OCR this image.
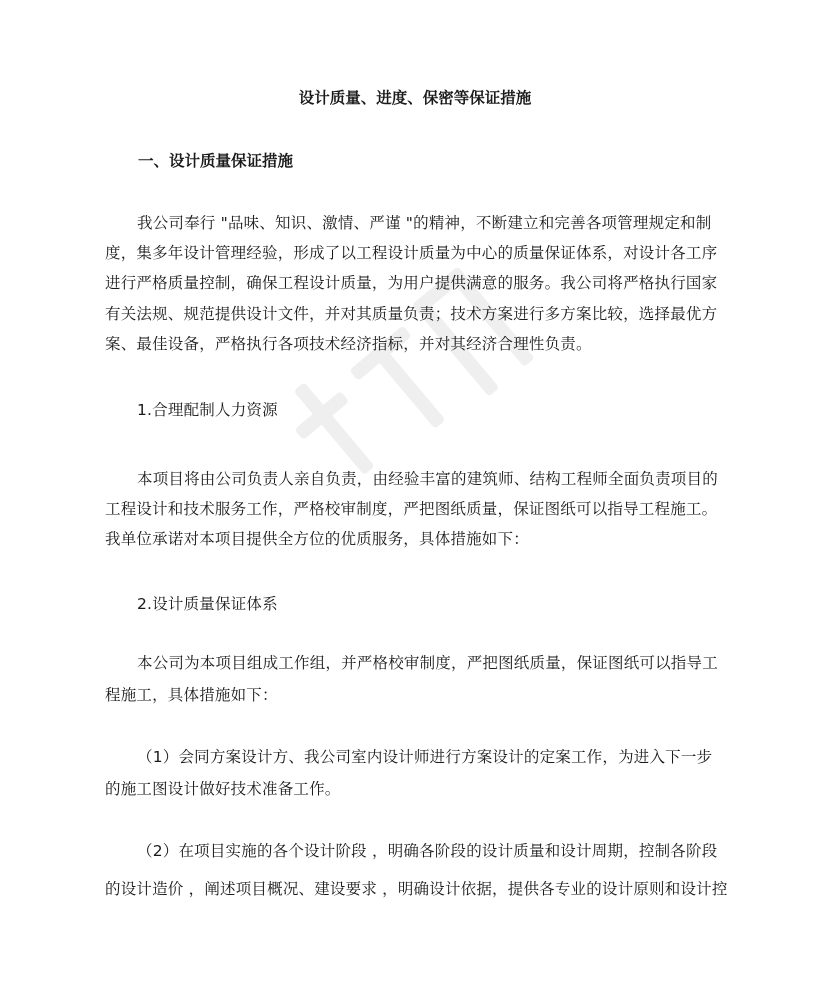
设计质量、进度、保密等保证措施
一、设计质量保证措施
我公司奉行 "品味、知识、激情、严谨 "的精神，不断建立和完善各项管理规定和制
度，集多年设计管理经验，形成了以工程设计质量为中心的质量保证体系，对设计各工序
进行严格质量控制，确保工程设计质量，为用户提供满意的服务。我公司将严格执行国家
有关法规、规范提供设计文件，并对其质量负责；技术方案进行多方案比较，选择最优方
案、最佳设备，严格执行各项技术经济指标，并对其经济合理性负责。
1.合理配制人力资源
本项目将由公司负责人亲自负责，由经验丰富的建筑师、结构工程师全面负责项目的
工程设计和技术服务工作，严格校审制度，严把图纸质量，保证图纸可以指导工程施工。
我单位承诺对本项目提供全方位的优质服务，具体措施如下：
2.设计质量保证体系
本公司为本项目组成工作组，并严格校审制度，严把图纸质量，保证图纸可以指导工
程施工，具体措施如下：
（1）会同方案设计方、我公司室内设计师进行方案设计的定案工作，为进入下一步
的施工图设计做好技术准备工作。
（2）在项目实施的各个设计阶段 ，明确各阶段的设计质量和设计周期，控制各阶段
的设计造价 ，阐述项目概况、建设要求 ，明确设计依据，提供各专业的设计原则和设计控
